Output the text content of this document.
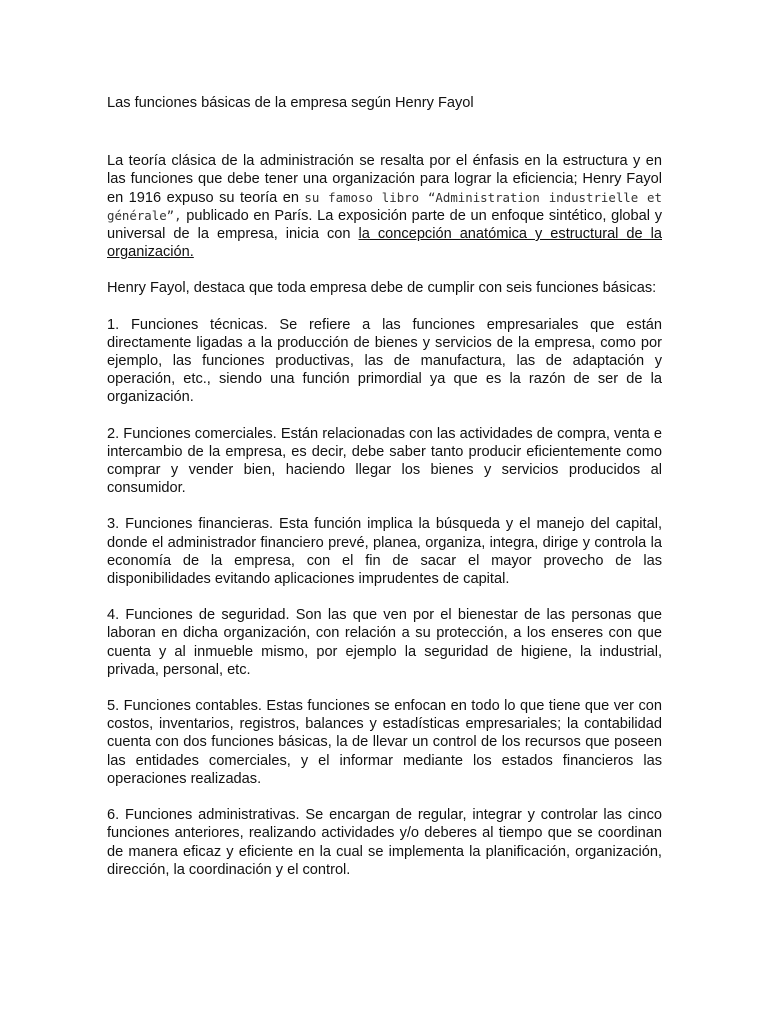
Las funciones básicas de la empresa según Henry Fayol

La teoría clásica de la administración se resalta por el énfasis en la estructura y en las funciones que debe tener una organización para lograr la eficiencia; Henry Fayol en 1916 expuso su teoría en su famoso libro “Administration industrielle et générale”, publicado en París. La exposición parte de un enfoque sintético, global y universal de la empresa, inicia con la concepción anatómica y estructural de la organización.

Henry Fayol, destaca que toda empresa debe de cumplir con seis funciones básicas:

1. Funciones técnicas. Se refiere a las funciones empresariales que están directamente ligadas a la producción de bienes y servicios de la empresa, como por ejemplo, las funciones productivas, las de manufactura, las de adaptación y operación, etc., siendo una función primordial ya que es la razón de ser de la organización.

2. Funciones comerciales. Están relacionadas con las actividades de compra, venta e intercambio de la empresa, es decir, debe saber tanto producir eficientemente como comprar y vender bien, haciendo llegar los bienes y servicios producidos al consumidor.

3. Funciones financieras. Esta función implica la búsqueda y el manejo del capital, donde el administrador financiero prevé, planea, organiza, integra, dirige y controla la economía de la empresa, con el fin de sacar el mayor provecho de las disponibilidades evitando aplicaciones imprudentes de capital.

4. Funciones de seguridad. Son las que ven por el bienestar de las personas que laboran en dicha organización, con relación a su protección, a los enseres con que cuenta y al inmueble mismo, por ejemplo la seguridad de higiene, la industrial, privada, personal, etc.

5. Funciones contables. Estas funciones se enfocan en todo lo que tiene que ver con costos, inventarios, registros, balances y estadísticas empresariales; la contabilidad cuenta con dos funciones básicas, la de llevar un control de los recursos que poseen las entidades comerciales, y el informar mediante los estados financieros las operaciones realizadas.

6. Funciones administrativas. Se encargan de regular, integrar y controlar las cinco funciones anteriores, realizando actividades y/o deberes al tiempo que se coordinan de manera eficaz y eficiente en la cual se implementa la planificación, organización, dirección, la coordinación y el control.
